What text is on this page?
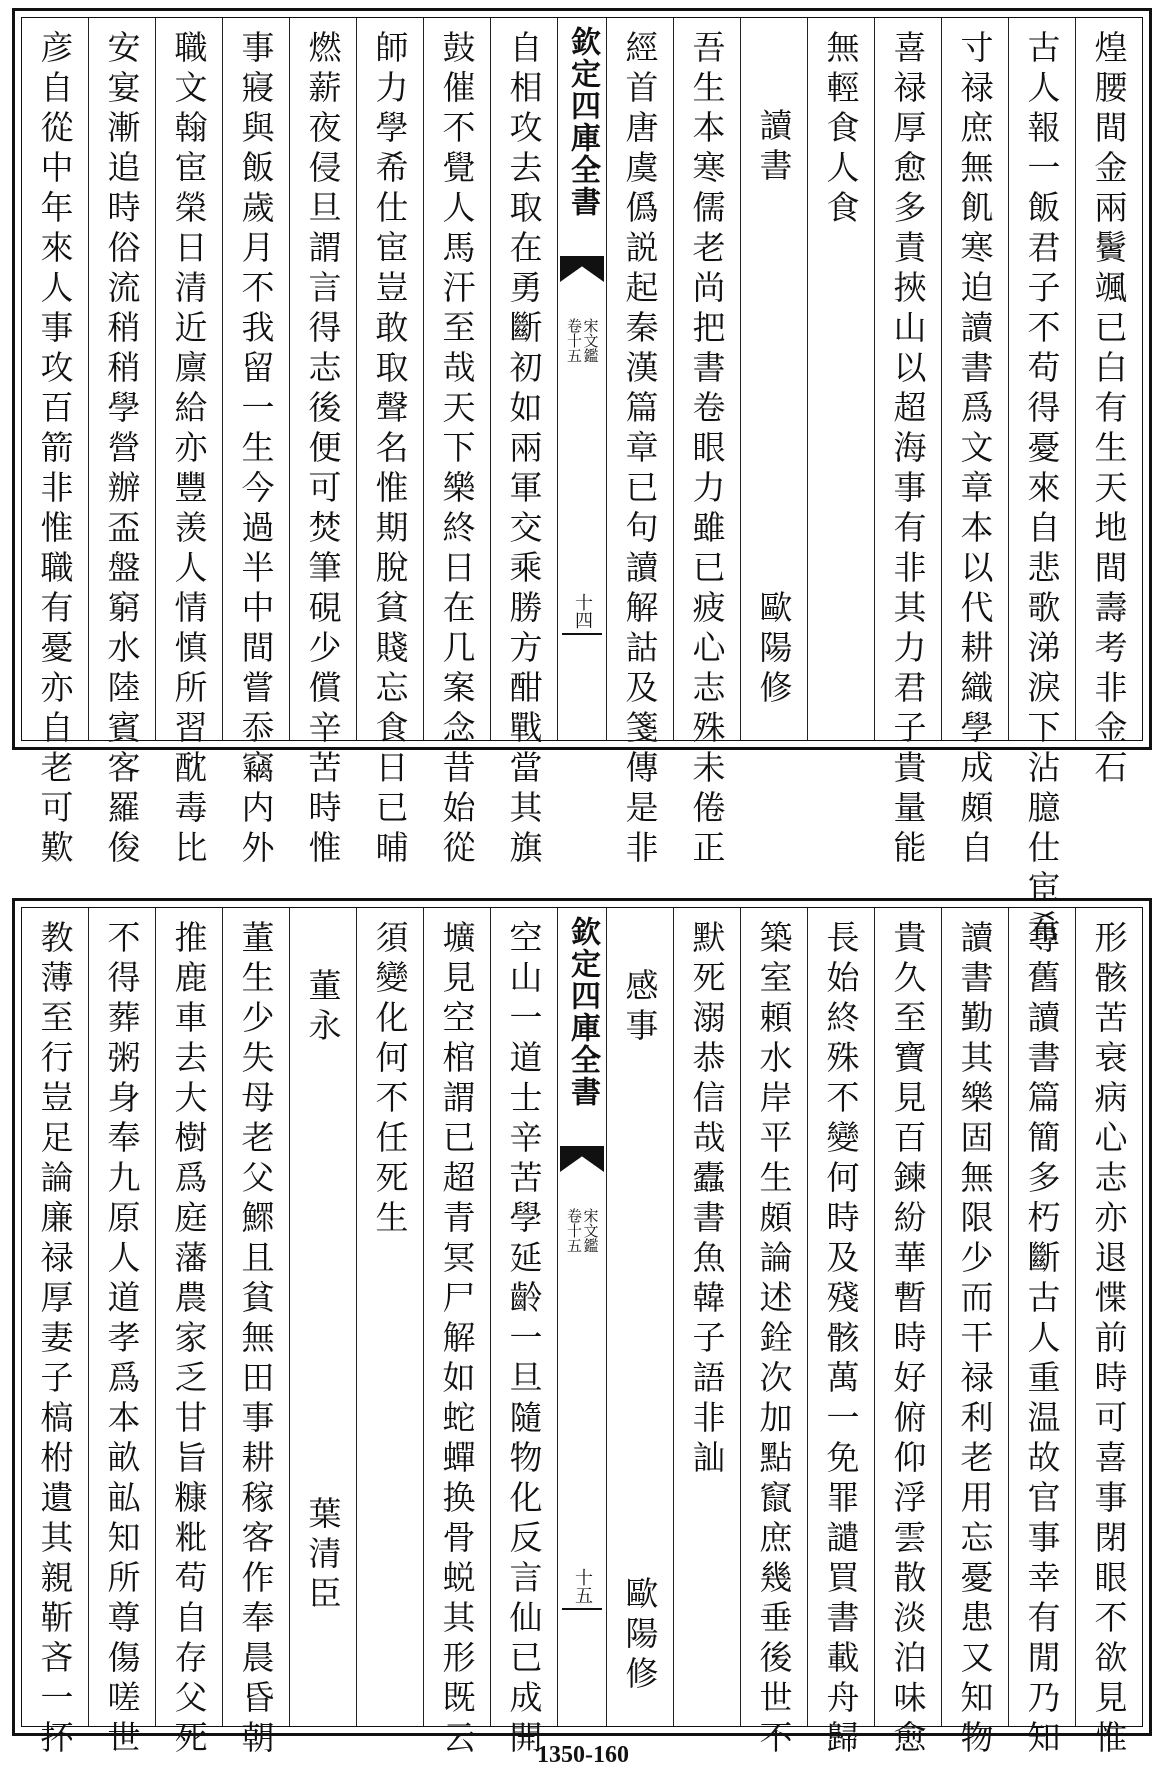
煌腰間金兩鬢颯已白有生天地間壽考非金石
古人報一飯君子不苟得憂來自悲歌涕淚下沾臆仕宦希
寸禄庶無飢寒迫讀書爲文章本以代耕織學成頗自
喜禄厚愈多責挾山以超海事有非其力君子貴量能
無輕食人食
讀書
歐陽修
吾生本寒儒老尚把書卷眼力雖已疲心志殊未倦正
經首唐虞僞説起秦漢篇章已句讀解詁及箋傳是非
欽定四庫全書
宋文鑑
卷十五
十四
自相攻去取在勇斷初如兩軍交乘勝方酣戰當其旗
鼓催不覺人馬汗至哉天下樂終日在几案念昔始從
師力學希仕宦豈敢取聲名惟期脫貧賤忘食日已晡
燃薪夜侵旦謂言得志後便可焚筆硯少償辛苦時惟
事寢與飯歲月不我留一生今過半中間嘗忝竊内外
職文翰宦榮日清近廪給亦豐羡人情慎所習酖毒比
安宴漸追時俗流稍稍學營辦盃盤窮水陸賓客羅俊
彦自從中年來人事攻百箭非惟職有憂亦自老可歎
形骸苦衰病心志亦退惵前時可喜事閉眼不欲見惟
尋舊讀書篇簡多朽斷古人重温故官事幸有閒乃知
讀書勤其樂固無限少而干禄利老用忘憂患又知物
貴久至寶見百鍊紛華暫時好俯仰浮雲散淡泊味愈
長始終殊不變何時及殘骸萬一免罪譴買書載舟歸
築室頼水岸平生頗論述銓次加點竄庶幾垂後世不
默死溺恭信哉蠹書魚韓子語非訕
感事
歐陽修
欽定四庫全書
宋文鑑
卷十五
十五
空山一道士辛苦學延齡一旦隨物化反言仙已成開
壙見空棺謂已超青冥尸解如蛇蟬换骨蜕其形既云
須變化何不任死生
董永
葉清臣
董生少失母老父鰥且貧無田事耕稼客作奉晨昏朝
推鹿車去大樹爲庭藩農家乏甘旨糠粃苟自存父死
不得葬粥身奉九原人道孝爲本畝畆知所尊傷嗟世
教薄至行豈足論廉禄厚妻子槁柎遺其親靳吝一抔	1350-160
